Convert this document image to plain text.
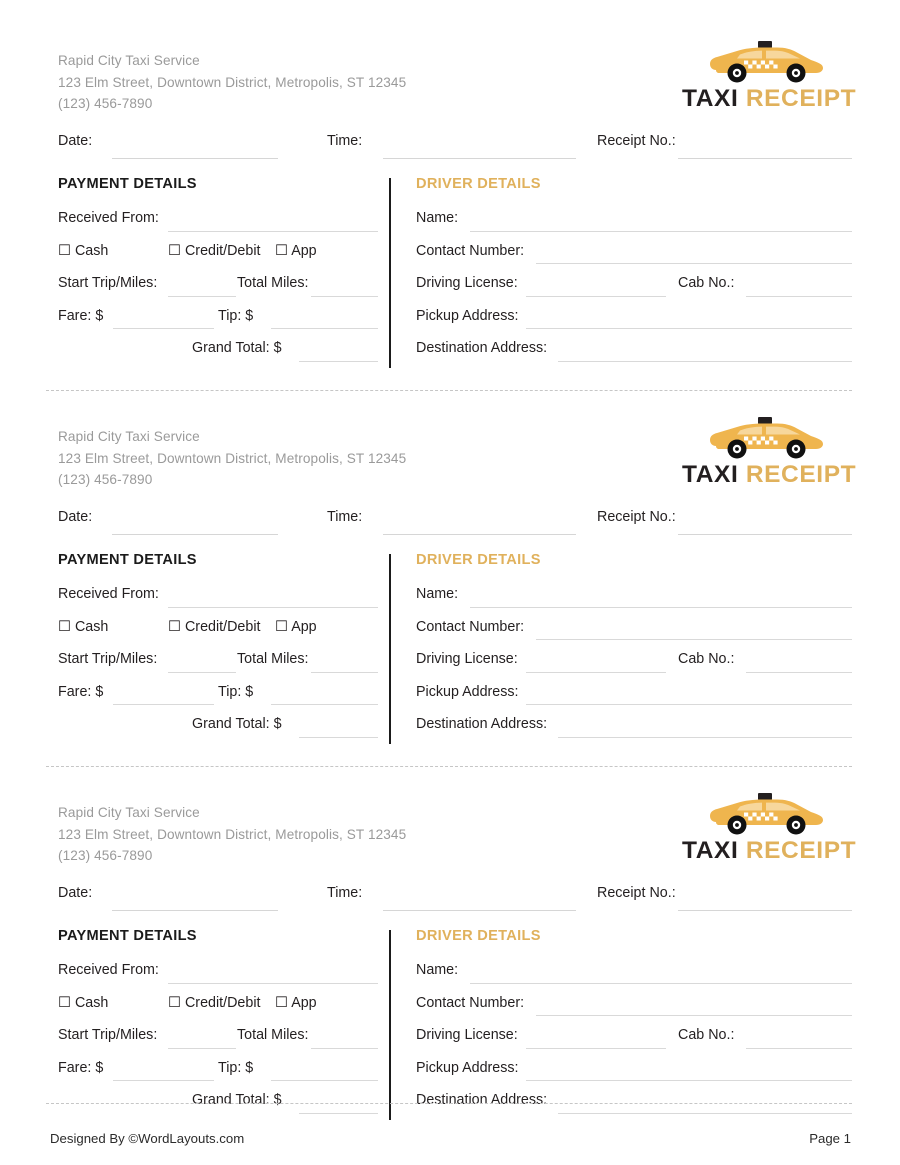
Rapid City Taxi Service
123 Elm Street, Downtown District, Metropolis, ST 12345
(123) 456-7890	TAXI RECEIPT
Date:	Time:	Receipt No.:
PAYMENT DETAILS
Received From:
☐ Cash	☐ Credit/Debit ☐ App
Start Trip/Miles:	Total Miles:
Fare: $	Tip: $
Grand Total: $
DRIVER DETAILS
Name:
Contact Number:
Driving License:	Cab No.:
Pickup Address:
Destination Address:
Rapid City Taxi Service
123 Elm Street, Downtown District, Metropolis, ST 12345
(123) 456-7890	TAXI RECEIPT
Date:	Time:	Receipt No.:
PAYMENT DETAILS
Received From:
☐ Cash	☐ Credit/Debit ☐ App
Start Trip/Miles:	Total Miles:
Fare: $	Tip: $
Grand Total: $
DRIVER DETAILS
Name:
Contact Number:
Driving License:	Cab No.:
Pickup Address:
Destination Address:
Rapid City Taxi Service
123 Elm Street, Downtown District, Metropolis, ST 12345
(123) 456-7890	TAXI RECEIPT
Date:	Time:	Receipt No.:
PAYMENT DETAILS
Received From:
☐ Cash	☐ Credit/Debit ☐ App
Start Trip/Miles:	Total Miles:
Fare: $	Tip: $
Grand Total: $
DRIVER DETAILS
Name:
Contact Number:
Driving License:	Cab No.:
Pickup Address:
Destination Address:
Designed By ©WordLayouts.com	Page 1
